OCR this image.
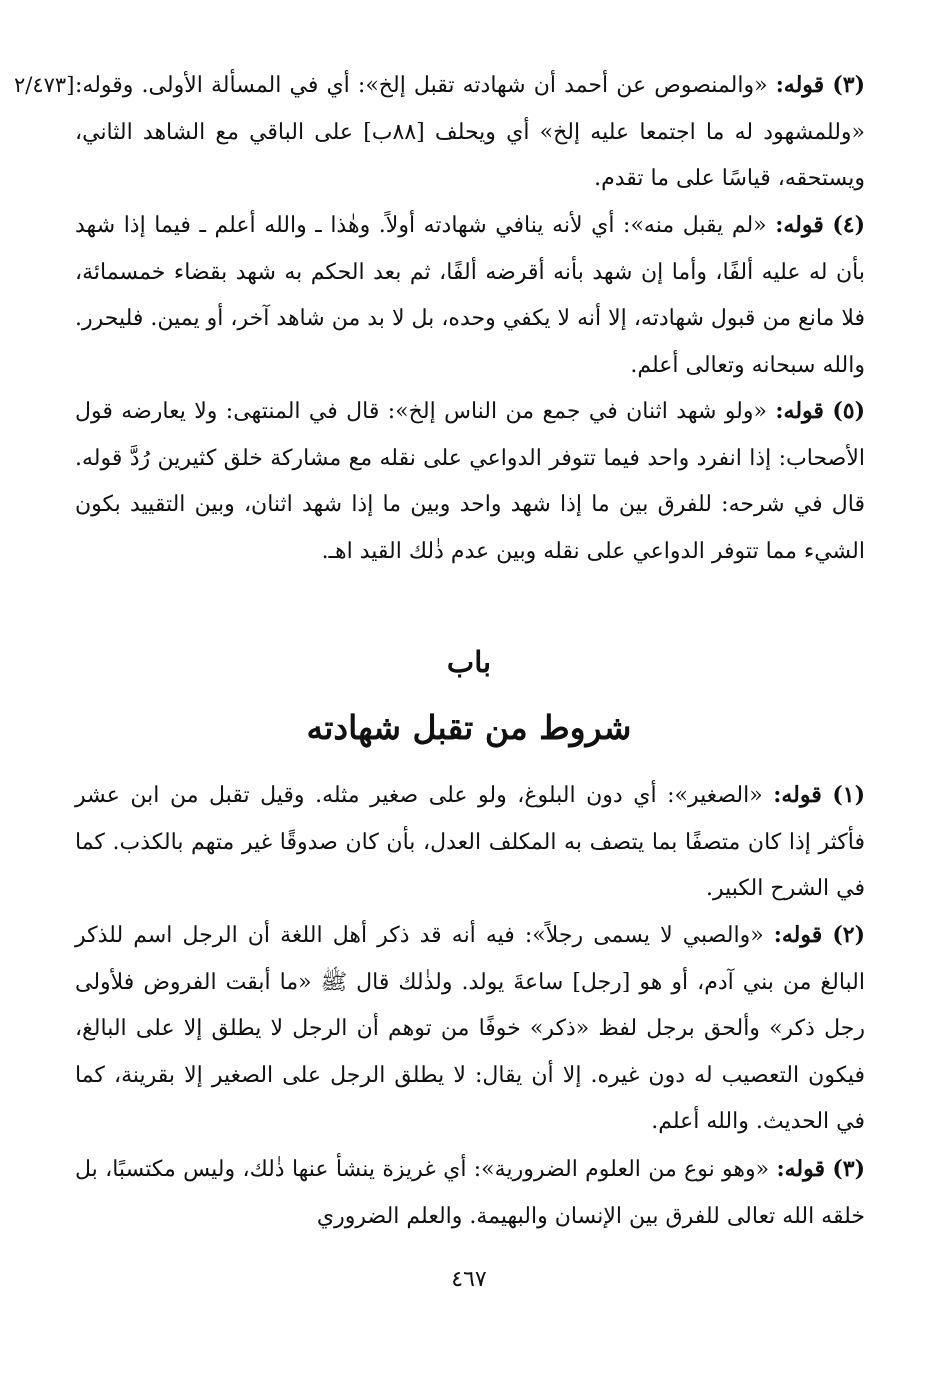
[٢/٤٧٣	(٣) قوله: «والمنصوص عن أحمد أن شهادته تقبل إلخ»: أي في المسألة الأولى. وقوله: «وللمشهود له ما اجتمعا عليه إلخ» أي ويحلف [٨٨ب] على الباقي مع الشاهد الثاني، ويستحقه، قياسًا على ما تقدم.

(٤) قوله: «لم يقبل منه»: أي لأنه ينافي شهادته أولاً. وهٰذا ـ والله أعلم ـ فيما إذا شهد بأن له عليه ألفًا، وأما إن شهد بأنه أقرضه ألفًا، ثم بعد الحكم به شهد بقضاء خمسمائة، فلا مانع من قبول شهادته، إلا أنه لا يكفي وحده، بل لا بد من شاهد آخر، أو يمين. فليحرر. والله سبحانه وتعالى أعلم.

(٥) قوله: «ولو شهد اثنان في جمع من الناس إلخ»: قال في المنتهى: ولا يعارضه قول الأصحاب: إذا انفرد واحد فيما تتوفر الدواعي على نقله مع مشاركة خلق كثيرين رُدَّ قوله. قال في شرحه: للفرق بين ما إذا شهد واحد وبين ما إذا شهد اثنان، وبين التقييد بكون الشيء مما تتوفر الدواعي على نقله وبين عدم ذٰلك القيد اهـ.

باب
شروط من تقبل شهادته

(١) قوله: «الصغير»: أي دون البلوغ، ولو على صغير مثله. وقيل تقبل من ابن عشر فأكثر إذا كان متصفًا بما يتصف به المكلف العدل، بأن كان صدوقًا غير متهم بالكذب. كما في الشرح الكبير.

(٢) قوله: «والصبي لا يسمى رجلاً»: فيه أنه قد ذكر أهل اللغة أن الرجل اسم للذكر البالغ من بني آدم، أو هو [رجل] ساعةَ يولد. ولذٰلك قال ﷺ «ما أبقت الفروض فلأولى رجل ذكر» وألحق برجل لفظ «ذكر» خوفًا من توهم أن الرجل لا يطلق إلا على البالغ، فيكون التعصيب له دون غيره. إلا أن يقال: لا يطلق الرجل على الصغير إلا بقرينة، كما في الحديث. والله أعلم.

(٣) قوله: «وهو نوع من العلوم الضرورية»: أي غريزة ينشأ عنها ذٰلك، وليس مكتسبًا، بل خلقه الله تعالى للفرق بين الإنسان والبهيمة. والعلم الضروري

٤٦٧
